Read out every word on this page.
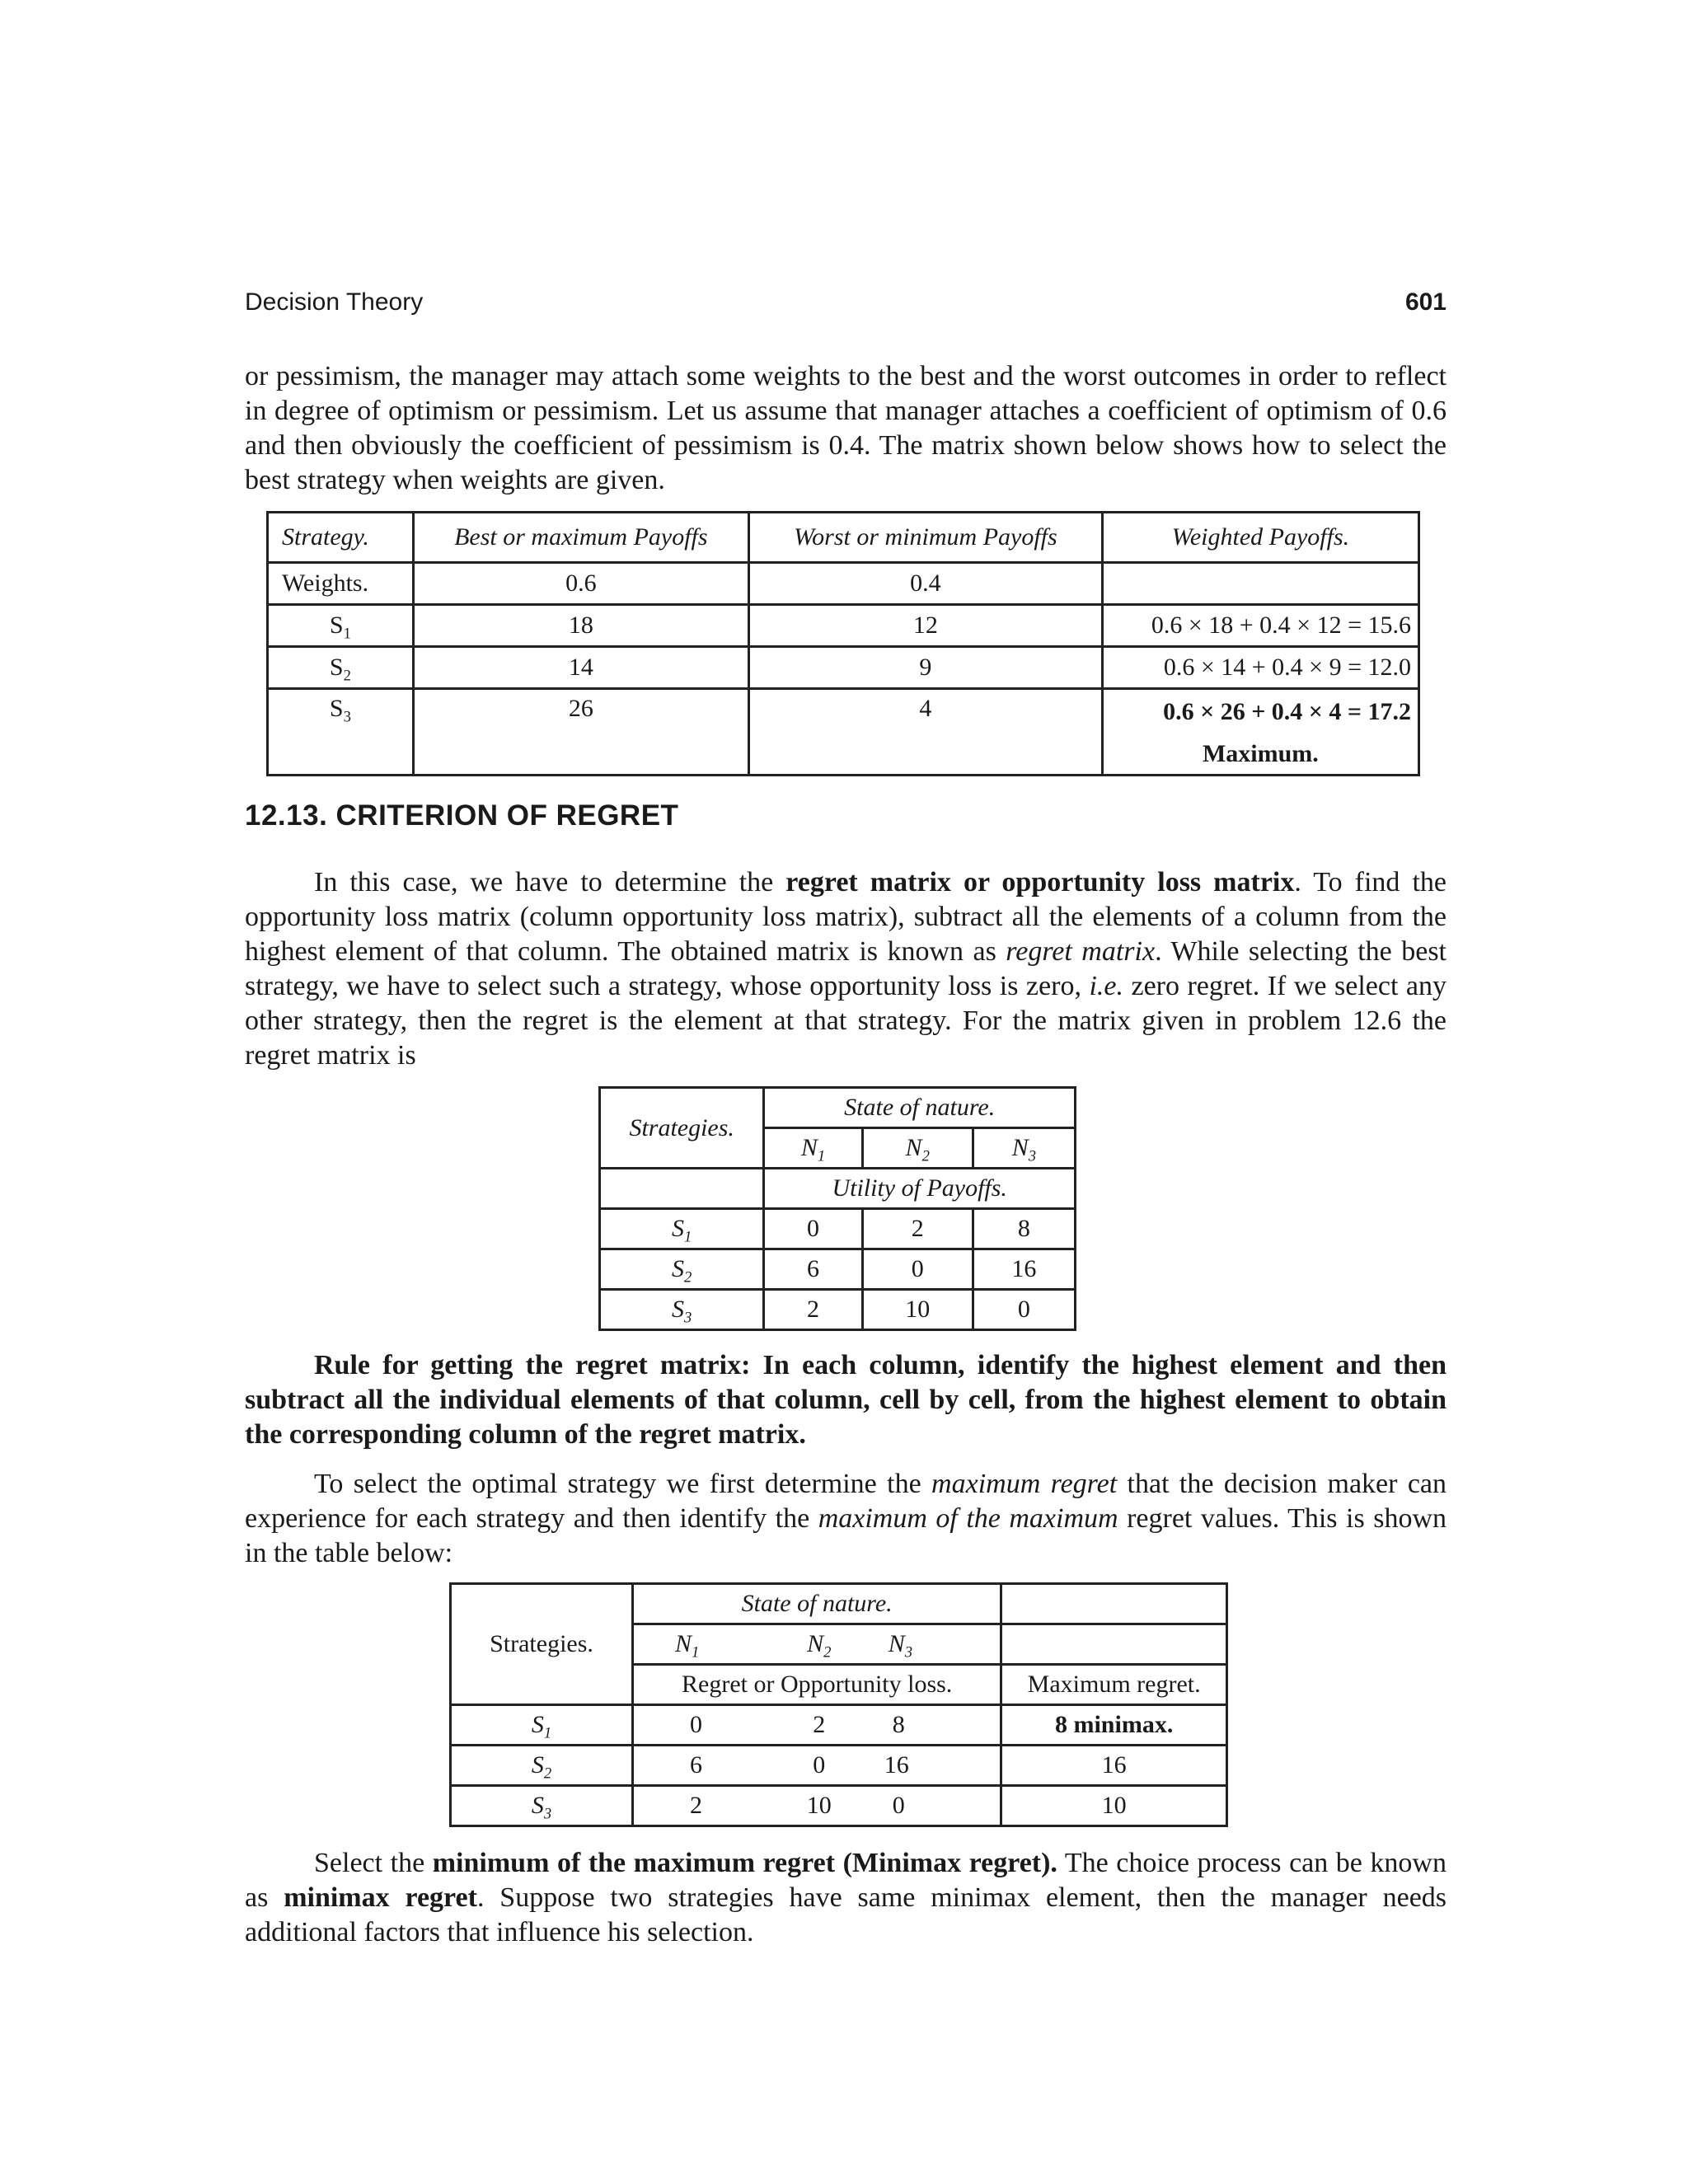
Decision Theory	601

or pessimism, the manager may attach some weights to the best and the worst outcomes in order to reflect in degree of optimism or pessimism. Let us assume that manager attaches a coefficient of optimism of 0.6 and then obviously the coefficient of pessimism is 0.4. The matrix shown below shows how to select the best strategy when weights are given.

Strategy.	Best or maximum Payoffs	Worst or minimum Payoffs	Weighted Payoffs.
Weights.	0.6	0.4	
$S_1$	18	12	0.6 × 18 + 0.4 × 12 = 15.6
$S_2$	14	9	0.6 × 14 + 0.4 × 9 = 12.0
$S_3$	26	4	0.6 × 26 + 0.4 × 4 = 17.2
			Maximum.
12.13. CRITERION OF REGRET

In this case, we have to determine the regret matrix or opportunity loss matrix. To find the opportunity loss matrix (column opportunity loss matrix), subtract all the elements of a column from the highest element of that column. The obtained matrix is known as regret matrix. While selecting the best strategy, we have to select such a strategy, whose opportunity loss is zero, i.e. zero regret. If we select any other strategy, then the regret is the element at that strategy. For the matrix given in problem 12.6 the regret matrix is

Strategies.	State of nature.		
	$N_1$	$N_2$	$N_3$
	Utility of Payoffs.		
$S_1$	0	2	8
$S_2$	6	0	16
$S_3$	2	10	0

Rule for getting the regret matrix: In each column, identify the highest element and then subtract all the individual elements of that column, cell by cell, from the highest element to obtain the corresponding column of the regret matrix.

To select the optimal strategy we first determine the maximum regret that the decision maker can experience for each strategy and then identify the maximum of the maximum regret values. This is shown in the table below:

Strategies.	State of nature.			
	$N_1$	$N_2$	$N_3$	
	Regret or Opportunity loss.			Maximum regret.
$S_1$	0	2	8	8 minimax.
$S_2$	6	0	16	16
$S_3$	2	10	0	10

Select the minimum of the maximum regret (Minimax regret). The choice process can be known as minimax regret. Suppose two strategies have same minimax element, then the manager needs additional factors that influence his selection.
